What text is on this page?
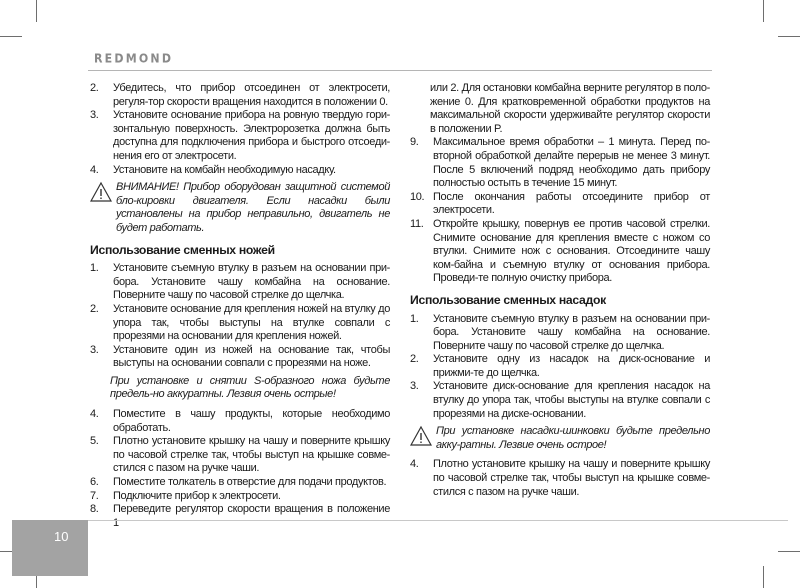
REDMOND
2.	Убедитесь, что прибор отсоединен от электросети, регуля-тор скорости вращения находится в положении 0.
3.	Установите основание прибора на ровную твердую гори-зонтальную поверхность. Электророзетка должна быть доступна для подключения прибора и быстрого отсоеди-нения его от электросети.
4.	Установите на комбайн необходимую насадку.
ВНИМАНИЕ! Прибор оборудован защитной системой бло-кировки двигателя. Если насадки были установлены на прибор неправильно, двигатель не будет работать.
Использование сменных ножей
1.	Установите съемную втулку в разъем на основании при-бора. Установите чашу комбайна на основание. Поверните чашу по часовой стрелке до щелчка.
2.	Установите основание для крепления ножей на втулку до упора так, чтобы выступы на втулке совпали с прорезями на основании для крепления ножей.
3.	Установите один из ножей на основание так, чтобы выступы на основании совпали с прорезями на ноже.
При установке и снятии S-образного ножа будьте предель-но аккуратны. Лезвия очень острые!
4.	Поместите в чашу продукты, которые необходимо обработать.
5.	Плотно установите крышку на чашу и поверните крышку по часовой стрелке так, чтобы выступ на крышке совме-стился с пазом на ручке чаши.
6.	Поместите толкатель в отверстие для подачи продуктов.
7.	Подключите прибор к электросети.
8.	Переведите регулятор скорости вращения в положение 1
или 2. Для остановки комбайна верните регулятор в поло-жение 0. Для кратковременной обработки продуктов на максимальной скорости удерживайте регулятор скорости в положении P.
9.	Максимальное время обработки – 1 минута. Перед по-вторной обработкой делайте перерыв не менее 3 минут. После 5 включений подряд необходимо дать прибору полностью остыть в течение 15 минут.
10. После окончания работы отсоедините прибор от электросети.
11. Откройте крышку, повернув ее против часовой стрелки. Снимите основание для крепления вместе с ножом со втулки. Снимите нож с основания. Отсоедините чашу ком-байна и съемную втулку от основания прибора. Проведи-те полную очистку прибора.
Использование сменных насадок
1.	Установите съемную втулку в разъем на основании при-бора. Установите чашу комбайна на основание. Поверните чашу по часовой стрелке до щелчка.
2.	Установите одну из насадок на диск-основание и прижми-те до щелчка.
3.	Установите диск-основание для крепления насадок на втулку до упора так, чтобы выступы на втулке совпали с прорезями на диске-основании.
При установке насадки-шинковки будьте предельно акку-ратны. Лезвие очень острое!
4.	Плотно установите крышку на чашу и поверните крышку по часовой стрелке так, чтобы выступ на крышке совме-стился с пазом на ручке чаши.
10
